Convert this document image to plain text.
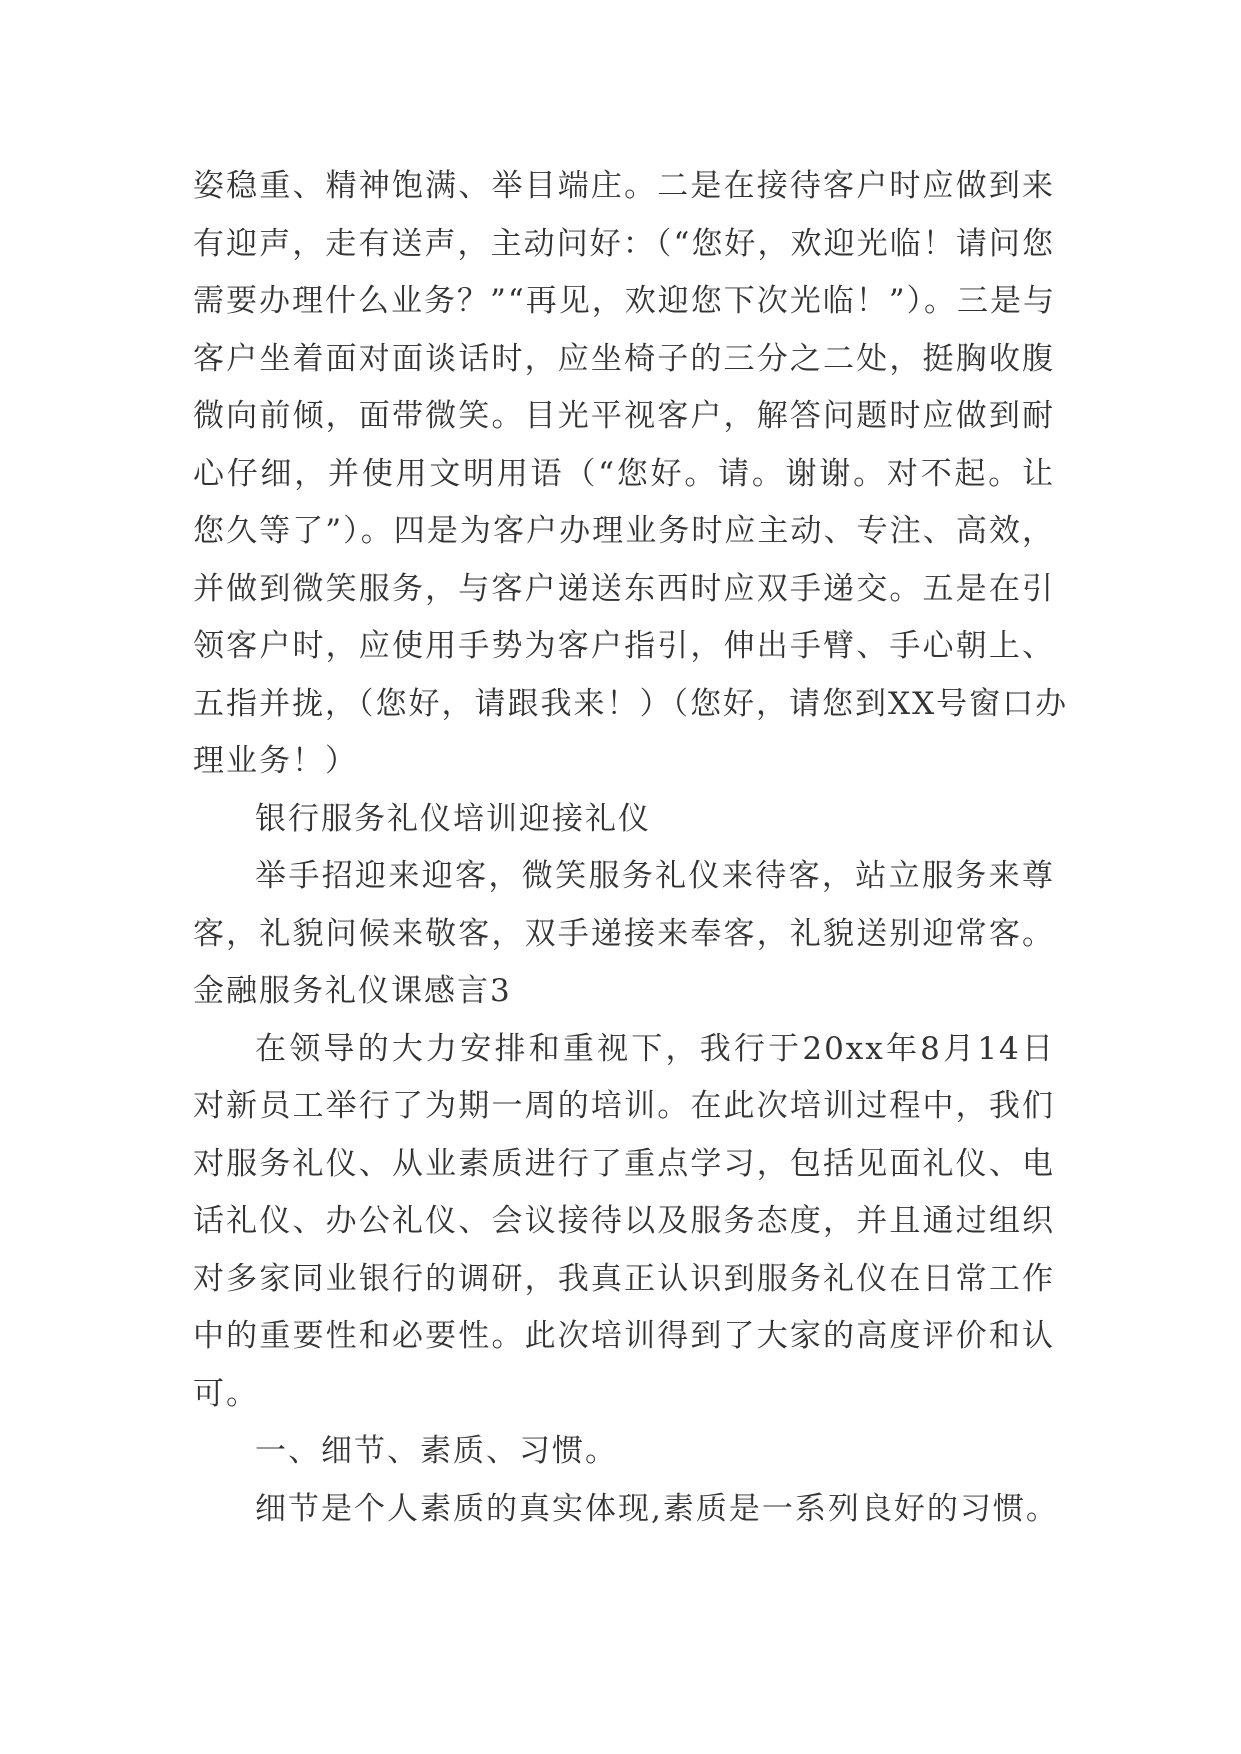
姿稳重、精神饱满、举目端庄。二是在接待客户时应做到来
有迎声，走有送声，主动问好：（“您好，欢迎光临！请问您
需要办理什么业务？”“再见，欢迎您下次光临！”）。三是与
客户坐着面对面谈话时，应坐椅子的三分之二处，挺胸收腹
微向前倾，面带微笑。目光平视客户，解答问题时应做到耐
心仔细，并使用文明用语（“您好。请。谢谢。对不起。让
您久等了”）。四是为客户办理业务时应主动、专注、高效，
并做到微笑服务，与客户递送东西时应双手递交。五是在引
领客户时，应使用手势为客户指引，伸出手臂、手心朝上、
五指并拢，（您好，请跟我来！）（您好，请您到XX号窗口办
理业务！）
银行服务礼仪培训迎接礼仪
举手招迎来迎客，微笑服务礼仪来待客，站立服务来尊
客，礼貌问候来敬客，双手递接来奉客，礼貌送别迎常客。
金融服务礼仪课感言3
在领导的大力安排和重视下，我行于20xx年8月14日
对新员工举行了为期一周的培训。在此次培训过程中，我们
对服务礼仪、从业素质进行了重点学习，包括见面礼仪、电
话礼仪、办公礼仪、会议接待以及服务态度，并且通过组织
对多家同业银行的调研，我真正认识到服务礼仪在日常工作
中的重要性和必要性。此次培训得到了大家的高度评价和认
可。
一、细节、素质、习惯。
细节是个人素质的真实体现,素质是一系列良好的习惯。
